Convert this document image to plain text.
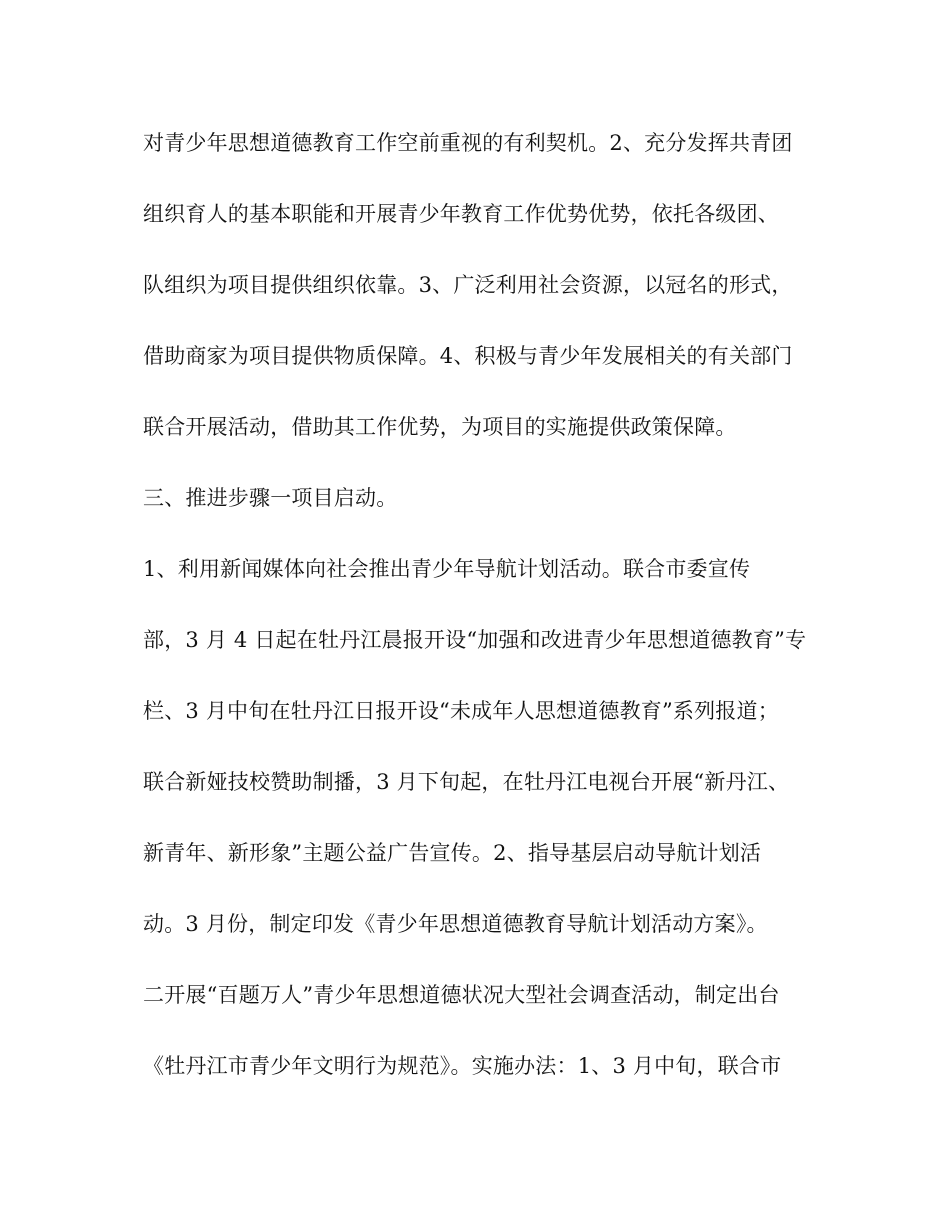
对青少年思想道德教育工作空前重视的有利契机。2、充分发挥共青团
组织育人的基本职能和开展青少年教育工作优势优势，依托各级团、
队组织为项目提供组织依靠。3、广泛利用社会资源，以冠名的形式，
借助商家为项目提供物质保障。4、积极与青少年发展相关的有关部门
联合开展活动，借助其工作优势，为项目的实施提供政策保障。
三、推进步骤一项目启动。
1、利用新闻媒体向社会推出青少年导航计划活动。联合市委宣传
部，3 月 4 日起在牡丹江晨报开设“加强和改进青少年思想道德教育”专
栏、3 月中旬在牡丹江日报开设“未成年人思想道德教育”系列报道；
联合新娅技校赞助制播，3 月下旬起，在牡丹江电视台开展“新丹江、
新青年、新形象”主题公益广告宣传。2、指导基层启动导航计划活
动。3 月份，制定印发《青少年思想道德教育导航计划活动方案》。
二开展“百题万人”青少年思想道德状况大型社会调查活动，制定出台
《牡丹江市青少年文明行为规范》。实施办法：1、3 月中旬，联合市
